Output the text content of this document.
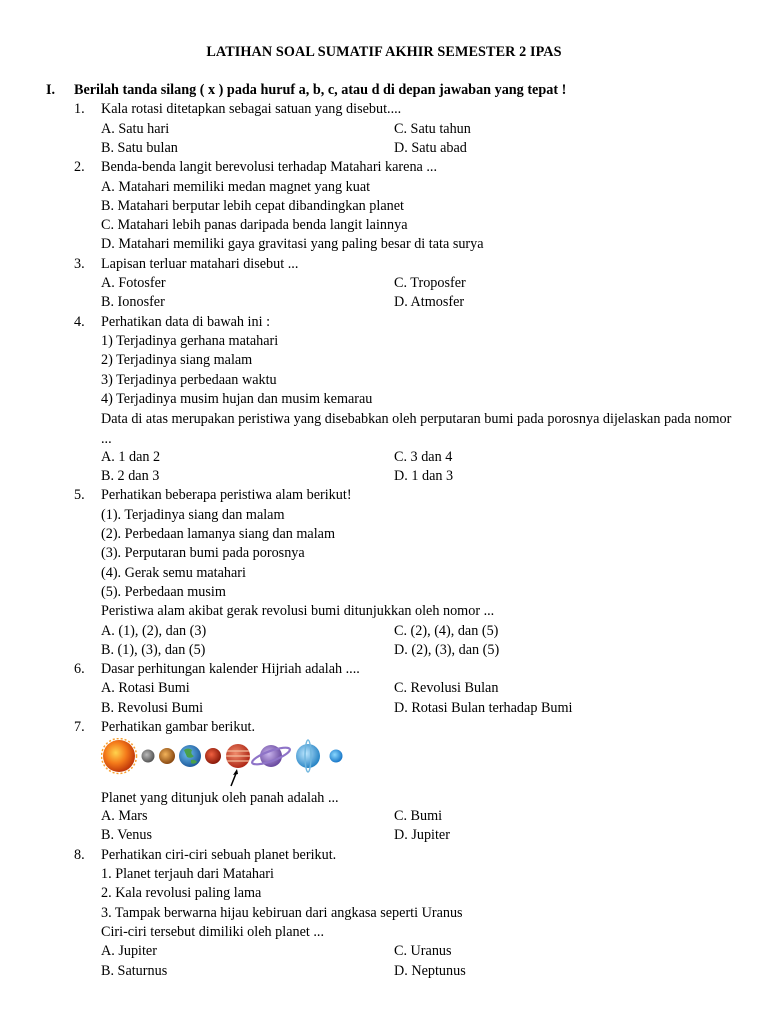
LATIHAN SOAL SUMATIF AKHIR SEMESTER 2 IPAS
I. Berilah tanda silang ( x ) pada huruf a, b, c, atau d di depan jawaban yang tepat !
1. Kala rotasi ditetapkan sebagai satuan yang disebut....
A. Satu hari	C. Satu tahun
B. Satu bulan	D. Satu abad
2. Benda-benda langit berevolusi terhadap Matahari karena ...
A. Matahari memiliki medan magnet yang kuat
B. Matahari berputar lebih cepat dibandingkan planet
C. Matahari lebih panas daripada benda langit lainnya
D. Matahari memiliki gaya gravitasi yang paling besar di tata surya
3. Lapisan terluar matahari disebut ...
A. Fotosfer	C. Troposfer
B. Ionosfer	D. Atmosfer
4. Perhatikan data di bawah ini :
1) Terjadinya gerhana matahari
2) Terjadinya siang malam
3) Terjadinya perbedaan waktu
4) Terjadinya musim hujan dan musim kemarau
Data di atas merupakan peristiwa yang disebabkan oleh perputaran bumi pada porosnya dijelaskan pada nomor ...
A. 1 dan 2	C. 3 dan 4
B. 2 dan 3	D. 1 dan 3
5. Perhatikan beberapa peristiwa alam berikut!
(1). Terjadinya siang dan malam
(2). Perbedaan lamanya siang dan malam
(3). Perputaran bumi pada porosnya
(4). Gerak semu matahari
(5). Perbedaan musim
Peristiwa alam akibat gerak revolusi bumi ditunjukkan oleh nomor ...
A. (1), (2), dan (3)	C. (2), (4), dan (5)
B. (1), (3), dan (5)	D. (2), (3), dan (5)
6. Dasar perhitungan kalender Hijriah adalah ....
A. Rotasi Bumi	C. Revolusi Bulan
B. Revolusi Bumi	D. Rotasi Bulan terhadap Bumi
7. Perhatikan gambar berikut.
Planet yang ditunjuk oleh panah adalah ...
A. Mars	C. Bumi
B. Venus	D. Jupiter
8. Perhatikan ciri-ciri sebuah planet berikut.
1. Planet terjauh dari Matahari
2. Kala revolusi paling lama
3. Tampak berwarna hijau kebiruan dari angkasa seperti Uranus
Ciri-ciri tersebut dimiliki oleh planet ...
A. Jupiter	C. Uranus
B. Saturnus	D. Neptunus
